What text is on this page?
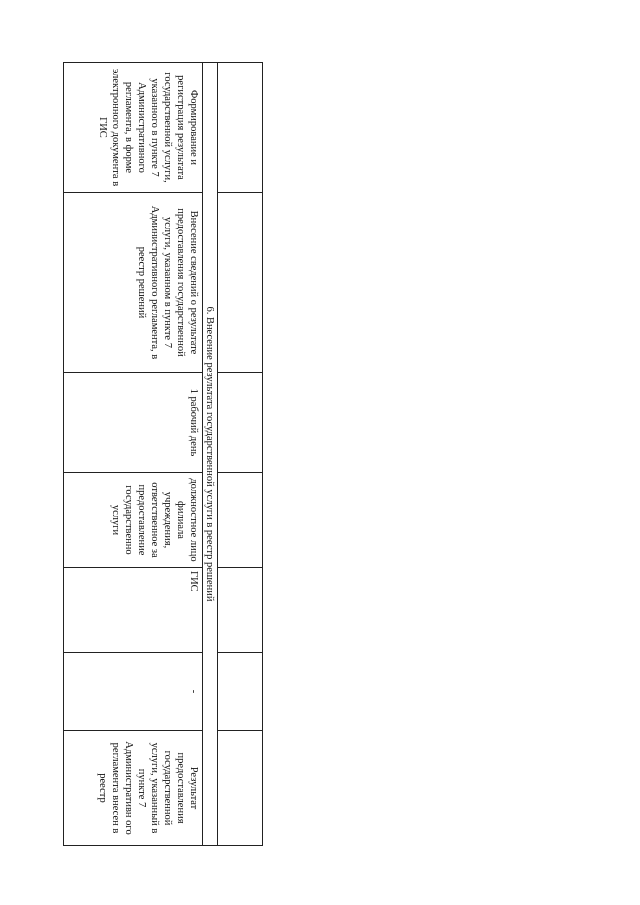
6. Внесение результата государственной услуги в реестр решений						
Формирование и регистрация результата государственной услуги, указанного в пункте 7 Административного регламента, в форме электронного документа в ГИС	Внесение сведений о результате предоставления государственной услуги, указанном в пункте 7 Административного регламента, в реестр решений	1 рабочий день	должностное лицо филиала учреждения, ответственное за предоставление государственно услуги	ГИС	-	Результат предоставления государственной услуги, указанный в пункте 7 Административн ого регламента внесен в реестр
